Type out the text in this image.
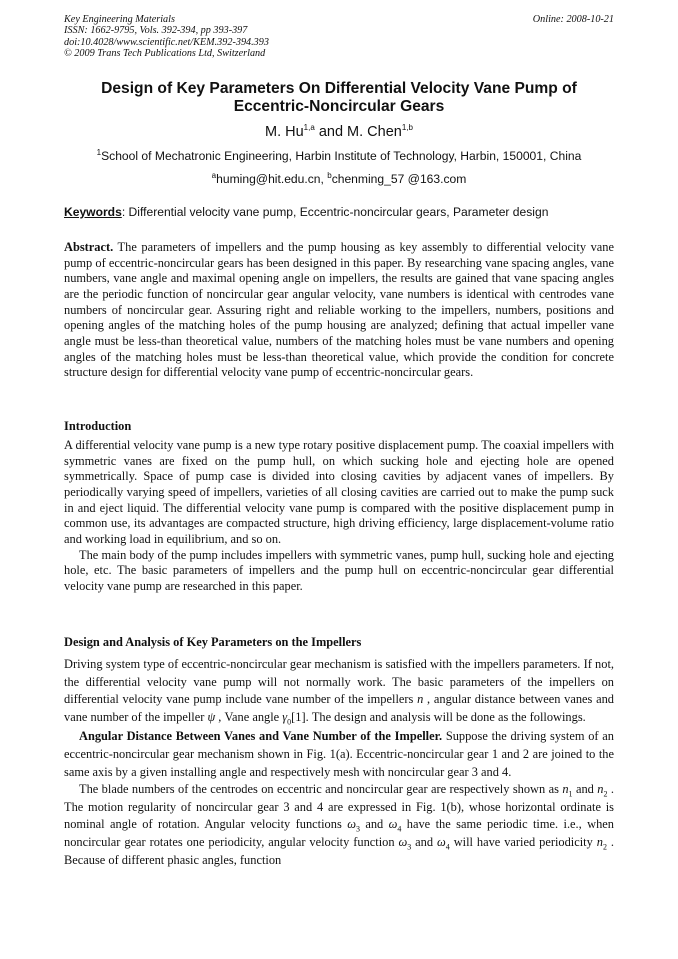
Key Engineering Materials
ISSN: 1662-9795, Vols. 392-394, pp 393-397
doi:10.4028/www.scientific.net/KEM.392-394.393
© 2009 Trans Tech Publications Ltd, Switzerland
Online: 2008-10-21
Design of Key Parameters On Differential Velocity Vane Pump of
Eccentric-Noncircular Gears
M. Hu$^{1,a}$ and M. Chen$^{1,b}$
$^1$School of Mechatronic Engineering, Harbin Institute of Technology, Harbin, 150001, China
$^a$huming@hit.edu.cn, $^b$chenming_57 @163.com
Keywords: Differential velocity vane pump, Eccentric-noncircular gears, Parameter design
Abstract. The parameters of impellers and the pump housing as key assembly to differential velocity vane pump of eccentric-noncircular gears has been designed in this paper. By researching vane spacing angles, vane numbers, vane angle and maximal opening angle on impellers, the results are gained that vane spacing angles are the periodic function of noncircular gear angular velocity, vane numbers is identical with centrodes vane numbers of noncircular gear. Assuring right and reliable working to the impellers, numbers, positions and opening angles of the matching holes of the pump housing are analyzed; defining that actual impeller vane angle must be less-than theoretical value, numbers of the matching holes must be vane numbers and opening angles of the matching holes must be less-than theoretical value, which provide the condition for concrete structure design for differential velocity vane pump of eccentric-noncircular gears.
Introduction
A differential velocity vane pump is a new type rotary positive displacement pump. The coaxial impellers with symmetric vanes are fixed on the pump hull, on which sucking hole and ejecting hole are opened symmetrically. Space of pump case is divided into closing cavities by adjacent vanes of impellers. By periodically varying speed of impellers, varieties of all closing cavities are carried out to make the pump suck in and eject liquid. The differential velocity vane pump is compared with the positive displacement pump in common use, its advantages are compacted structure, high driving efficiency, large displacement-volume ratio and working load in equilibrium, and so on.
The main body of the pump includes impellers with symmetric vanes, pump hull, sucking hole and ejecting hole, etc. The basic parameters of impellers and the pump hull on eccentric-noncircular gear differential velocity vane pump are researched in this paper.
Design and Analysis of Key Parameters on the Impellers
Driving system type of eccentric-noncircular gear mechanism is satisfied with the impellers parameters. If not, the differential velocity vane pump will not normally work. The basic parameters of the impellers on differential velocity vane pump include vane number of the impellers n , angular distance between vanes and vane number of the impeller ψ , Vane angle $\gamma_0[1]$. The design and analysis will be done as the followings.
Angular Distance Between Vanes and Vane Number of the Impeller. Suppose the driving system of an eccentric-noncircular gear mechanism shown in Fig. 1(a). Eccentric-noncircular gear 1 and 2 are joined to the same axis by a given installing angle and respectively mesh with noncircular gear 3 and 4.
The blade numbers of the centrodes on eccentric and noncircular gear are respectively shown as $n_1$ and $n_2$ . The motion regularity of noncircular gear 3 and 4 are expressed in Fig. 1(b), whose horizontal ordinate is nominal angle of rotation. Angular velocity functions $\omega_3$ and $\omega_4$ have the same periodic time. i.e., when noncircular gear rotates one periodicity, angular velocity function $\omega_3$ and $\omega_4$ will have varied periodicity $n_2$ . Because of different phasic angles, function
